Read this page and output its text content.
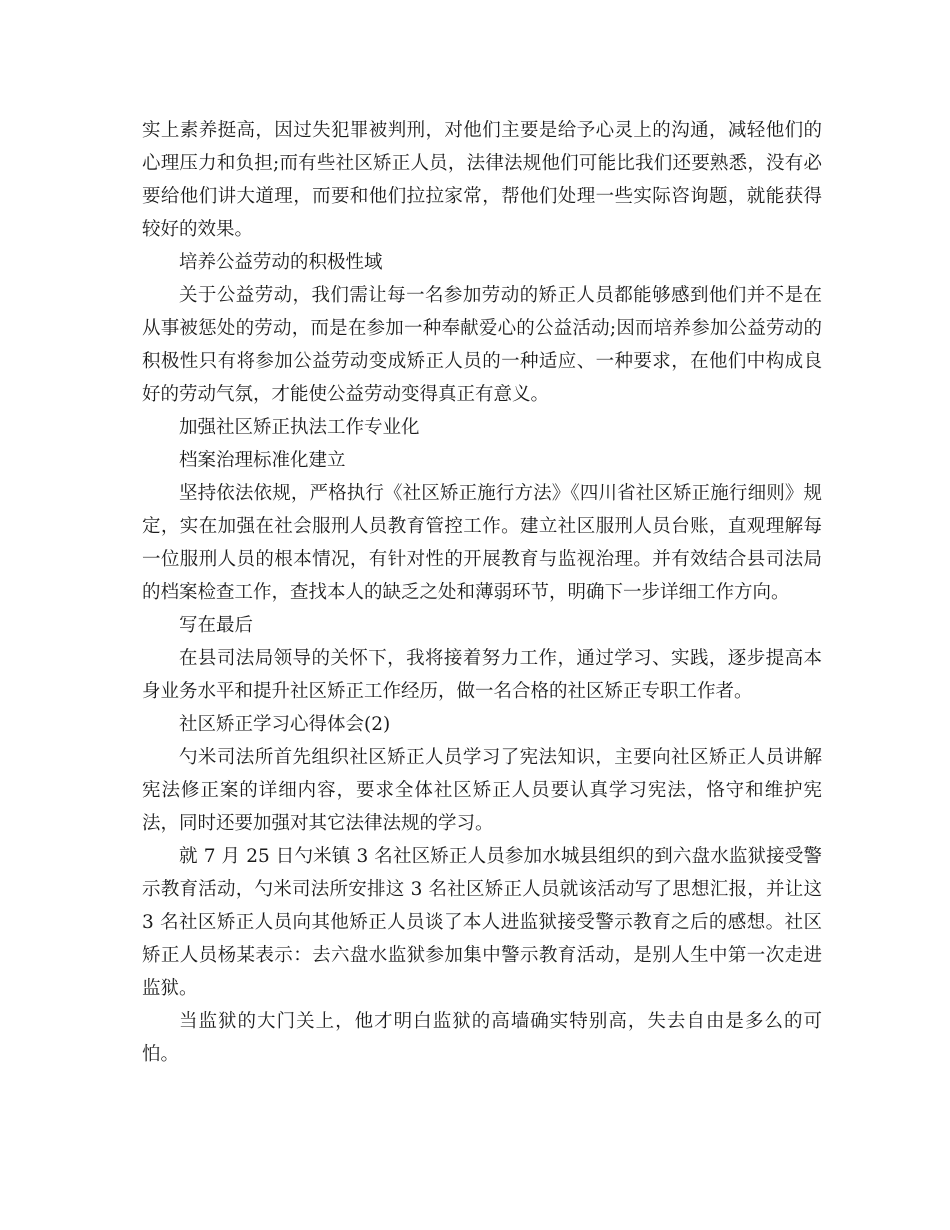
实上素养挺高，因过失犯罪被判刑，对他们主要是给予心灵上的沟通，减轻他们的心理压力和负担;而有些社区矫正人员，法律法规他们可能比我们还要熟悉，没有必要给他们讲大道理，而要和他们拉拉家常，帮他们处理一些实际咨询题，就能获得较好的效果。

培养公益劳动的积极性域

关于公益劳动，我们需让每一名参加劳动的矫正人员都能够感到他们并不是在从事被惩处的劳动，而是在参加一种奉献爱心的公益活动;因而培养参加公益劳动的积极性只有将参加公益劳动变成矫正人员的一种适应、一种要求，在他们中构成良好的劳动气氛，才能使公益劳动变得真正有意义。

加强社区矫正执法工作专业化

档案治理标准化建立

坚持依法依规，严格执行《社区矫正施行方法》《四川省社区矫正施行细则》规定，实在加强在社会服刑人员教育管控工作。建立社区服刑人员台账，直观理解每一位服刑人员的根本情况，有针对性的开展教育与监视治理。并有效结合县司法局的档案检查工作，查找本人的缺乏之处和薄弱环节，明确下一步详细工作方向。

写在最后

在县司法局领导的关怀下，我将接着努力工作，通过学习、实践，逐步提高本身业务水平和提升社区矫正工作经历，做一名合格的社区矫正专职工作者。

社区矫正学习心得体会(2)

勺米司法所首先组织社区矫正人员学习了宪法知识，主要向社区矫正人员讲解宪法修正案的详细内容，要求全体社区矫正人员要认真学习宪法，恪守和维护宪法，同时还要加强对其它法律法规的学习。

就 7 月 25 日勺米镇 3 名社区矫正人员参加水城县组织的到六盘水监狱接受警示教育活动，勺米司法所安排这 3 名社区矫正人员就该活动写了思想汇报，并让这 3 名社区矫正人员向其他矫正人员谈了本人进监狱接受警示教育之后的感想。社区矫正人员杨某表示：去六盘水监狱参加集中警示教育活动，是别人生中第一次走进监狱。

当监狱的大门关上，他才明白监狱的高墙确实特别高，失去自由是多么的可怕。
